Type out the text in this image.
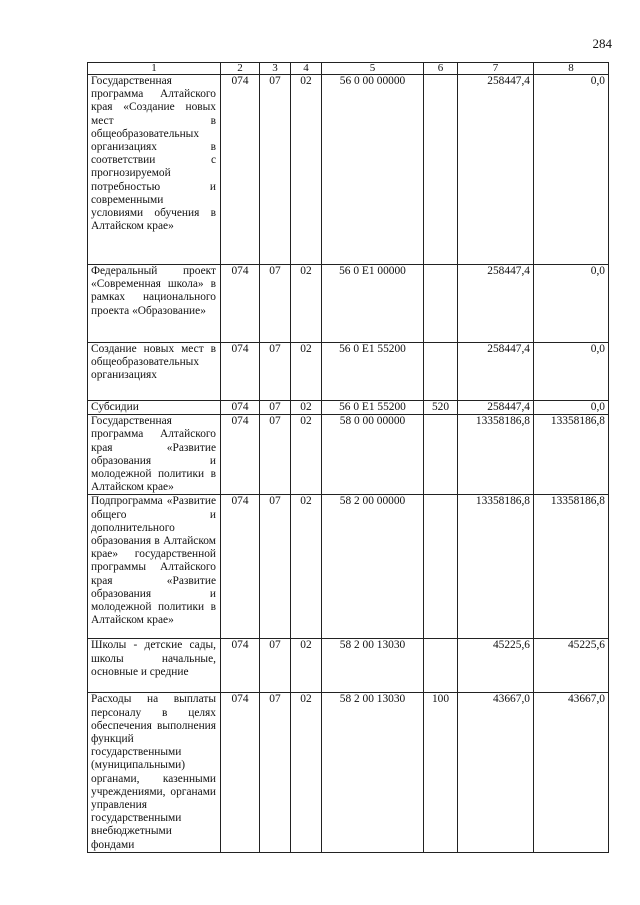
284
1	2	3	4	5	6	7	8
Государственная программа Алтайского края «Создание новых мест в общеобразовательных организациях в соответствии с прогнозируемой потребностью и современными условиями обучения в Алтайском крае»	074	07	02	56 0 00 00000		258447,4	0,0
Федеральный проект «Современная школа» в рамках национального проекта «Образование»	074	07	02	56 0 E1 00000		258447,4	0,0
Создание новых мест в общеобразовательных организациях	074	07	02	56 0 E1 55200		258447,4	0,0
Субсидии	074	07	02	56 0 E1 55200	520	258447,4	0,0
Государственная программа Алтайского края «Развитие образования и молодежной политики в Алтайском крае»	074	07	02	58 0 00 00000		13358186,8	13358186,8
Подпрограмма «Развитие общего и дополнительного образования в Алтайском крае» государственной программы Алтайского края «Развитие образования и молодежной политики в Алтайском крае»	074	07	02	58 2 00 00000		13358186,8	13358186,8
Школы - детские сады, школы начальные, основные и средние	074	07	02	58 2 00 13030		45225,6	45225,6
Расходы на выплаты персоналу в целях обеспечения выполнения функций государственными (муниципальными) органами, казенными учреждениями, органами управления государственными внебюджетными фондами	074	07	02	58 2 00 13030	100	43667,0	43667,0
